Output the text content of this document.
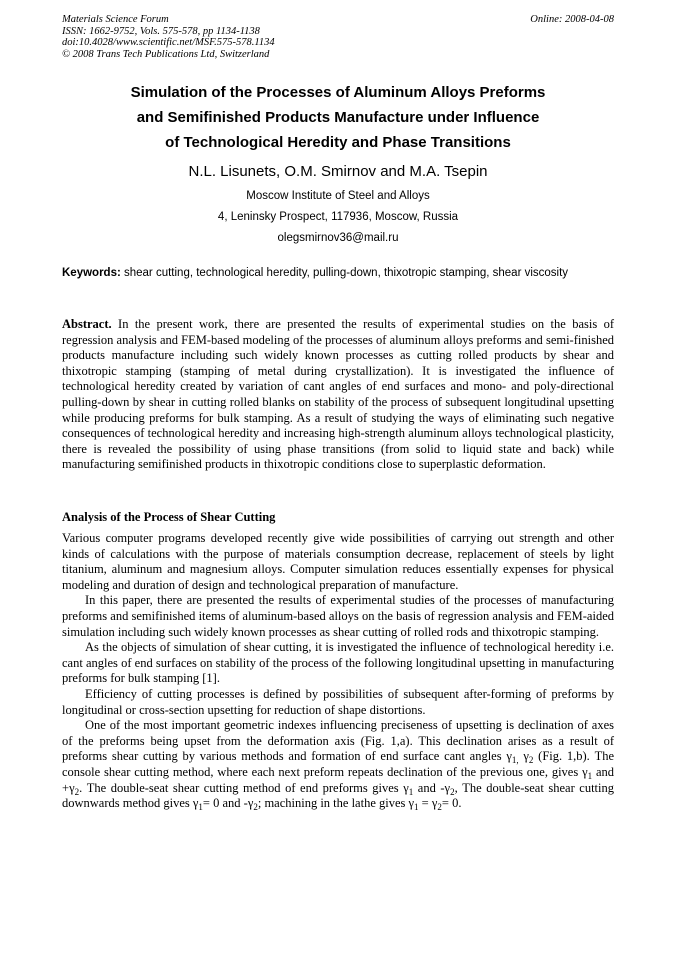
Materials Science Forum
ISSN: 1662-9752, Vols. 575-578, pp 1134-1138
doi:10.4028/www.scientific.net/MSF.575-578.1134
© 2008 Trans Tech Publications Ltd, Switzerland
Online: 2008-04-08
Simulation of the Processes of Aluminum Alloys Preforms
and Semifinished Products Manufacture under Influence
of Technological Heredity and Phase Transitions
N.L. Lisunets, O.M. Smirnov and M.A. Tsepin
Moscow Institute of Steel and Alloys
4, Leninsky Prospect, 117936, Moscow, Russia
olegsmirnov36@mail.ru
Keywords: shear cutting, technological heredity, pulling-down, thixotropic stamping, shear viscosity
Abstract. In the present work, there are presented the results of experimental studies on the basis of regression analysis and FEM-based modeling of the processes of aluminum alloys preforms and semi-finished products manufacture including such widely known processes as cutting rolled products by shear and thixotropic stamping (stamping of metal during crystallization). It is investigated the influence of technological heredity created by variation of cant angles of end surfaces and mono- and poly-directional pulling-down by shear in cutting rolled blanks on stability of the process of subsequent longitudinal upsetting while producing preforms for bulk stamping. As a result of studying the ways of eliminating such negative consequences of technological heredity and increasing high-strength aluminum alloys technological plasticity, there is revealed the possibility of using phase transitions (from solid to liquid state and back) while manufacturing semifinished products in thixotropic conditions close to superplastic deformation.
Analysis of the Process of Shear Cutting

Various computer programs developed recently give wide possibilities of carrying out strength and other kinds of calculations with the purpose of materials consumption decrease, replacement of steels by light titanium, aluminum and magnesium alloys. Computer simulation reduces essentially expenses for physical modeling and duration of design and technological preparation of manufacture.

In this paper, there are presented the results of experimental studies of the processes of manufacturing preforms and semifinished items of aluminum-based alloys on the basis of regression analysis and FEM-aided simulation including such widely known processes as shear cutting of rolled rods and thixotropic stamping.

As the objects of simulation of shear cutting, it is investigated the influence of technological heredity i.e. cant angles of end surfaces on stability of the process of the following longitudinal upsetting in manufacturing preforms for bulk stamping [1].

Efficiency of cutting processes is defined by possibilities of subsequent after-forming of preforms by longitudinal or cross-section upsetting for reduction of shape distortions.

One of the most important geometric indexes influencing preciseness of upsetting is declination of axes of the preforms being upset from the deformation axis (Fig. 1,a). This declination arises as a result of preforms shear cutting by various methods and formation of end surface cant angles $\gamma_{1,}$ $\gamma_2$ (Fig. 1,b). The console shear cutting method, where each next preform repeats declination of the previous one, gives $\gamma_1$ and $+\gamma_2$. The double-seat shear cutting method of end preforms gives $\gamma_1$ and $-\gamma_2$, The double-seat shear cutting downwards method gives $\gamma_1= 0$ and $-\gamma_2$; machining in the lathe gives $\gamma_1 = \gamma_2= 0$.
